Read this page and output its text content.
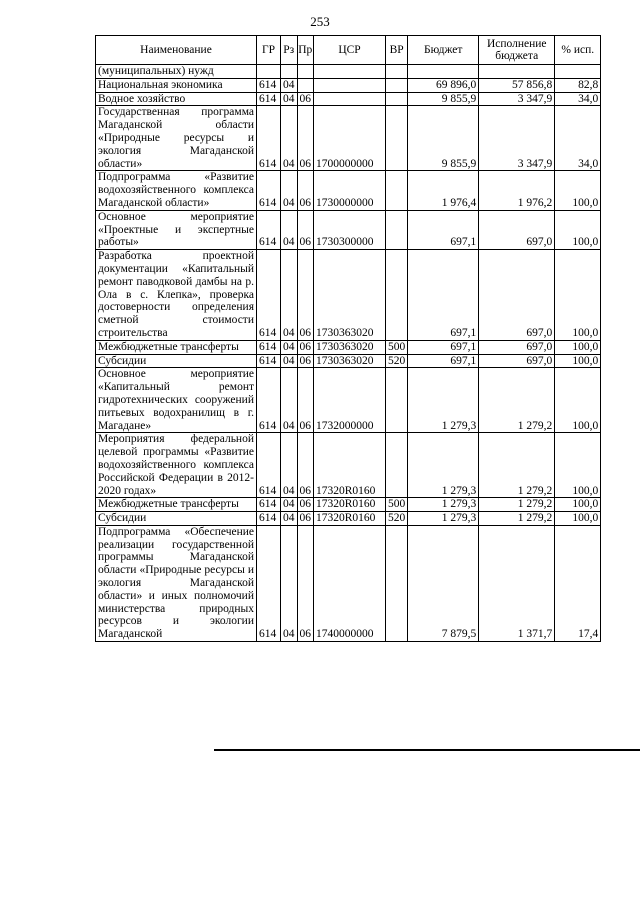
253
Наименование	ГР	Рз	Пр	ЦСР	ВР	Бюджет	Исполнение бюджета	% исп.
(муниципальных) нужд								
Национальная экономика	614	04				69 896,0	57 856,8	82,8
Водное хозяйство	614	04	06			9 855,9	3 347,9	34,0
Государственная программа Магаданской области «Природные ресурсы и экология Магаданской области»	614	04	06	1700000000		9 855,9	3 347,9	34,0
Подпрограмма «Развитие водохозяйственного комплекса Магаданской области»	614	04	06	1730000000		1 976,4	1 976,2	100,0
Основное мероприятие «Проектные и экспертные работы»	614	04	06	1730300000		697,1	697,0	100,0
Разработка проектной документации «Капитальный ремонт паводковой дамбы на р. Ола в с. Клепка», проверка достоверности определения сметной стоимости строительства	614	04	06	1730363020		697,1	697,0	100,0
Межбюджетные трансферты	614	04	06	1730363020	500	697,1	697,0	100,0
Субсидии	614	04	06	1730363020	520	697,1	697,0	100,0
Основное мероприятие «Капитальный ремонт гидротехнических сооружений питьевых водохранилищ в г. Магадане»	614	04	06	1732000000		1 279,3	1 279,2	100,0
Мероприятия федеральной целевой программы «Развитие водохозяйственного комплекса Российской Федерации в 2012-2020 годах»	614	04	06	17320R0160		1 279,3	1 279,2	100,0
Межбюджетные трансферты	614	04	06	17320R0160	500	1 279,3	1 279,2	100,0
Субсидии	614	04	06	17320R0160	520	1 279,3	1 279,2	100,0
Подпрограмма «Обеспечение реализации государственной программы Магаданской области «Природные ресурсы и экология Магаданской области» и иных полномочий министерства природных ресурсов и экологии Магаданской	614	04	06	1740000000		7 879,5	1 371,7	17,4
